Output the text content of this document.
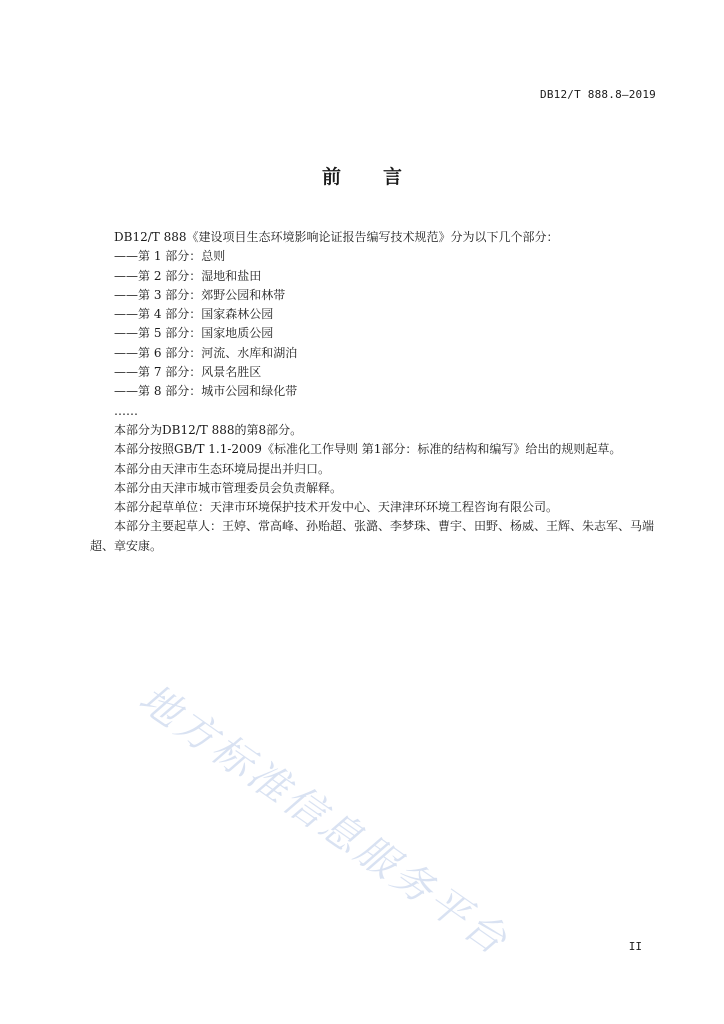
DB12/T 888.8—2019
前言

DB12/T 888《建设项目生态环境影响论证报告编写技术规范》分为以下几个部分：

——第 1 部分：总则

——第 2 部分：湿地和盐田

——第 3 部分：郊野公园和林带

——第 4 部分：国家森林公园

——第 5 部分：国家地质公园

——第 6 部分：河流、水库和湖泊

——第 7 部分：风景名胜区

——第 8 部分：城市公园和绿化带

……

本部分为DB12/T 888的第8部分。

本部分按照GB/T 1.1-2009《标准化工作导则 第1部分：标准的结构和编写》给出的规则起草。

本部分由天津市生态环境局提出并归口。

本部分由天津市城市管理委员会负责解释。

本部分起草单位：天津市环境保护技术开发中心、天津津环环境工程咨询有限公司。

本部分主要起草人：王婷、常高峰、孙贻超、张潞、李梦珠、曹宇、田野、杨威、王辉、朱志军、马端超、章安康。

地方标准信息服务平台	II
